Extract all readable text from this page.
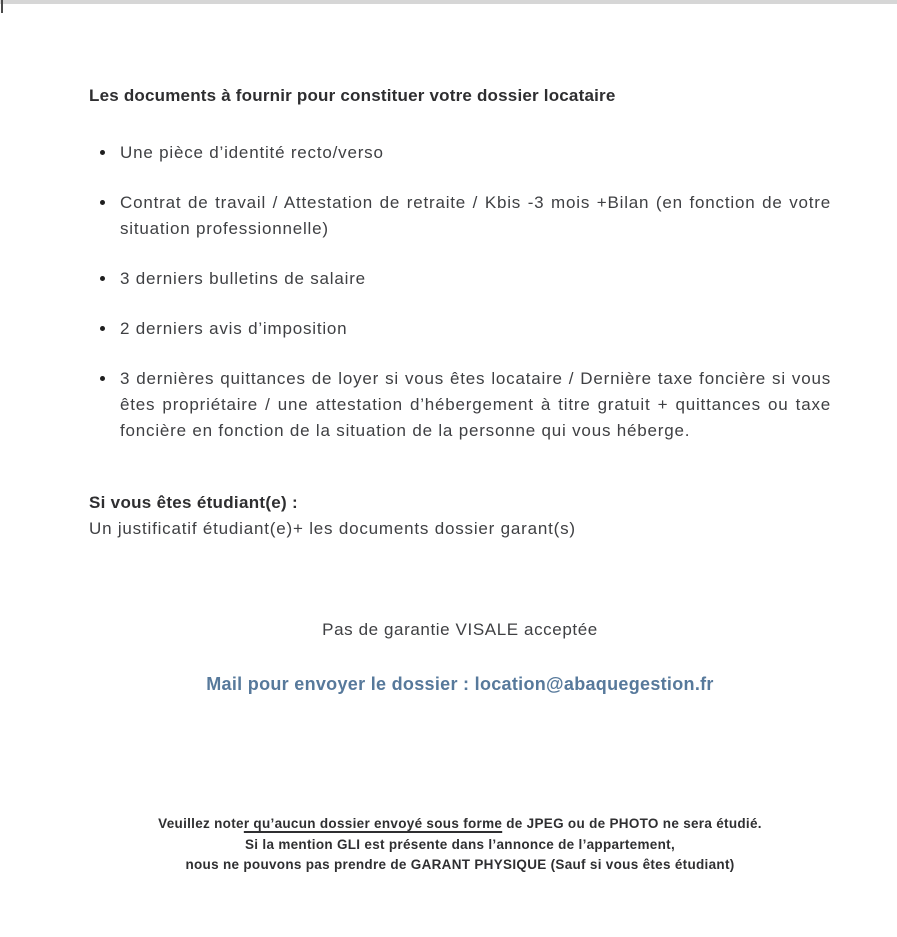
Les documents à fournir pour constituer votre dossier locataire
Une pièce d’identité recto/verso
Contrat de travail / Attestation de retraite / Kbis -3 mois +Bilan (en fonction de votre situation professionnelle)
3 derniers bulletins de salaire
2 derniers avis d’imposition
3 dernières quittances de loyer si vous êtes locataire / Dernière taxe foncière si vous êtes propriétaire / une attestation d’hébergement à titre gratuit + quittances ou taxe foncière en fonction de la situation de la personne qui vous héberge.
Si vous êtes étudiant(e) :

Un justificatif étudiant(e)+ les documents dossier garant(s)

Pas de garantie VISALE acceptée

Mail pour envoyer le dossier : location@abaquegestion.fr

Veuillez noter qu’aucun dossier envoyé sous forme de JPEG ou de PHOTO ne sera étudié.

Si la mention GLI est présente dans l’annonce de l’appartement,

nous ne pouvons pas prendre de GARANT PHYSIQUE (Sauf si vous êtes étudiant)
